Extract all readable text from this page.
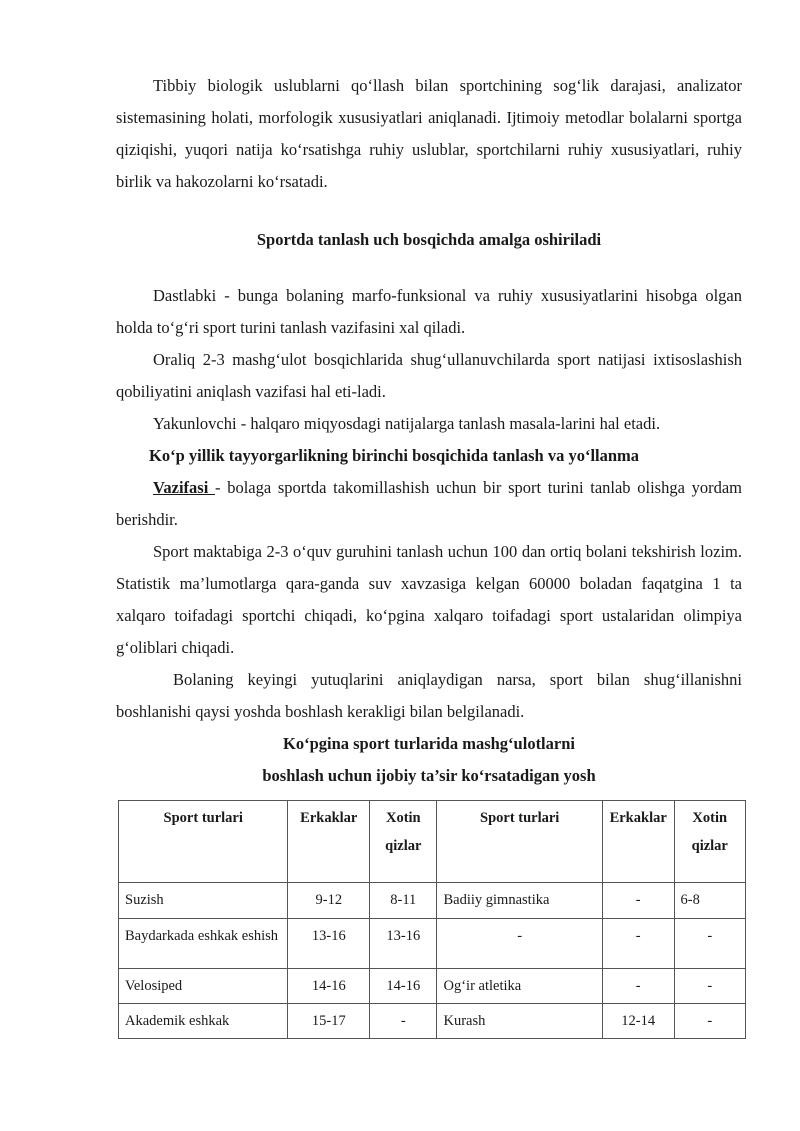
Tibbiy biologik uslublarni qo‘llash bilan sportchining sog‘lik darajasi, analizator sistemasining holati, morfologik xususiyatlari aniqlanadi. Ijtimoiy metodlar bolalarni sportga qiziqishi, yuqori natija ko‘rsatishga ruhiy uslublar, sportchilarni ruhiy xususiyatlari, ruhiy birlik va hakozolarni ko‘rsatadi.

Sportda tanlash uch bosqichda amalga oshiriladi

Dastlabki - bunga bolaning marfo-funksional va ruhiy xususiyatlarini hisobga olgan holda to‘g‘ri sport turini tanlash vazifasini xal qiladi.

Oraliq 2-3 mashg‘ulot bosqichlarida shug‘ullanuvchilarda sport natijasi ixtisoslashish qobiliyatini aniqlash vazifasi hal eti-ladi.

Yakunlovchi - halqaro miqyosdagi natijalarga tanlash masala-larini hal etadi.

Ko‘p yillik tayyorgarlikning birinchi bosqichida tanlash va yo‘llanma

Vazifasi - bolaga sportda takomillashish uchun bir sport turini tanlab olishga yordam berishdir.

Sport maktabiga 2-3 o‘quv guruhini tanlash uchun 100 dan ortiq bolani tekshirish lozim. Statistik ma’lumotlarga qara-ganda suv xavzasiga kelgan 60000 boladan faqatgina 1 ta xalqaro toifadagi sportchi chiqadi, ko‘pgina xalqaro toifadagi sport ustalaridan olimpiya g‘oliblari chiqadi.

Bolaning keyingi yutuqlarini aniqlaydigan narsa, sport bilan shug‘illanishni boshlanishi qaysi yoshda boshlash kerakligi bilan belgilanadi.

Ko‘pgina sport turlarida mashg‘ulotlarni
boshlash uchun ijobiy ta’sir ko‘rsatadigan yosh
Sport turlari	Erkaklar	Xotin qizlar	Sport turlari	Erkaklar	Xotin qizlar
Suzish	9-12	8-11	Badiiy gimnastika	-	6-8
Baydarkada eshkak eshish	13-16	13-16	-	-	-
Velosiped	14-16	14-16	Og‘ir atletika	-	-
Akademik eshkak	15-17	-	Kurash	12-14	-
